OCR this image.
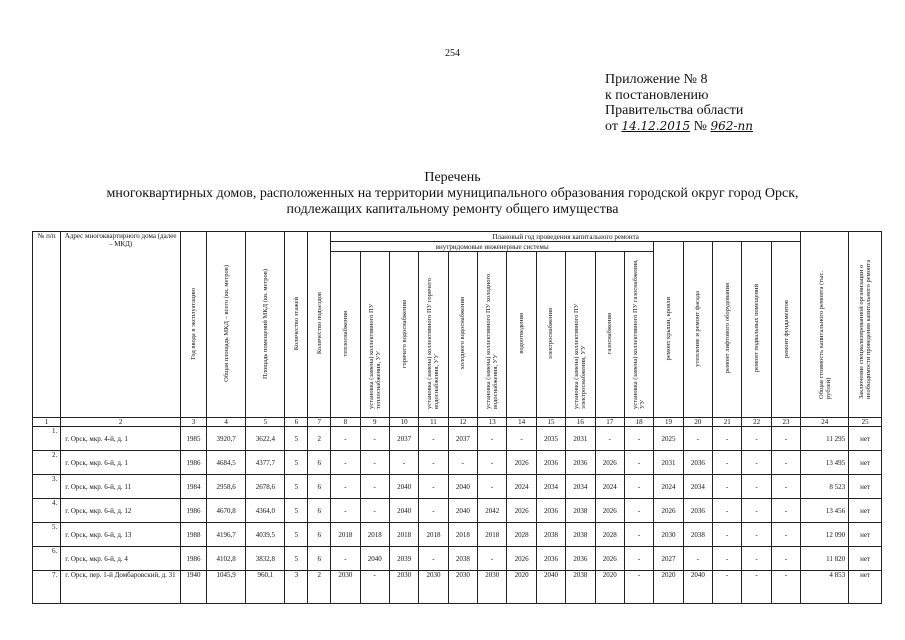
254
Приложение № 8
к постановлению
Правительства области
от 14.12.2015 № 962-пп
Перечень
многоквартирных домов, расположенных на территории муниципального образования городской округ город Орск,
подлежащих капитальному ремонту общего имущества
№ п/п	Адрес многоквартирного дома (далее – МКД)	Год ввода в эксплуатацию	Общая площадь МКД – всего (кв. метров)	Площадь помещений МКД (кв. метров)	Количество этажей	Количество подъездов	Плановый год проведения капитального ремонта																Общая стоимость капитального ремонта (тыс. рублей)	Заключение специализированной организации о необходимости проведения капитального ремонта
							внутридомовые инженерные системы											ремонт крыши, кровли	утепление и ремонт фасада	ремонт лифтового оборудования	ремонт подвальных помещений	ремонт фундаментов		
							теплоснабжения	установка (замена) коллективного ПУ теплоснабжения, УУ	горячего водоснабжения	установка (замена) коллективного ПУ горячего водоснабжения, УУ	холодного водоснабжения	установка (замена) коллективного ПУ холодного водоснабжения, УУ	водоотведения	электроснабжения	установка (замена) коллективного ПУ электроснабжения, УУ	газоснабжения	установка (замена) коллективного ПУ газоснабжения, УУ							
1	2	3	4	5	6	7	8	9	10	11	12	13	14	15	16	17	18	19	20	21	22	23	24	25
1.	г. Орск, мкр. 4-й, д. 1	1985	3920,7	3622,4	5	2	-	-	2037	-	2037	-	-	2035	2031	-	-	2025	-	-	-	-	11 295	нет
2.	г. Орск, мкр. 6-й, д. 1	1986	4684,5	4377,7	5	6	-	-	-	-	-	-	2026	2036	2036	2026	-	2031	2036	-	-	-	13 495	нет
3.	г. Орск, мкр. 6-й, д. 11	1984	2958,6	2678,6	5	6	-	-	2040	-	2040	-	2024	2034	2034	2024	-	2024	2034	-	-	-	8 523	нет
4.	г. Орск, мкр. 6-й, д. 12	1986	4670,8	4364,0	5	6	-	-	2040	-	2040	2042	2026	2036	2038	2026	-	2026	2036	-	-	-	13 456	нет
5.	г. Орск, мкр. 6-й, д. 13	1988	4196,7	4039,5	5	6	2018	2018	2018	2018	2018	2018	2028	2038	2038	2028	-	2030	2038	-	-	-	12 090	нет
6.	г. Орск, мкр. 6-й, д. 4	1986	4102,8	3832,8	5	6	-	2040	2039	-	2038	-	2026	2036	2036	2026	-	2027	-	-	-	-	11 820	нет
7.	г. Орск, пер. 1-й Домбаровский, д. 31	1940	1045,9	960,1	3	2	2030	-	2030	2030	2030	2030	2020	2040	2038	2020	-	2020	2040	-	-	-	4 853	нет
